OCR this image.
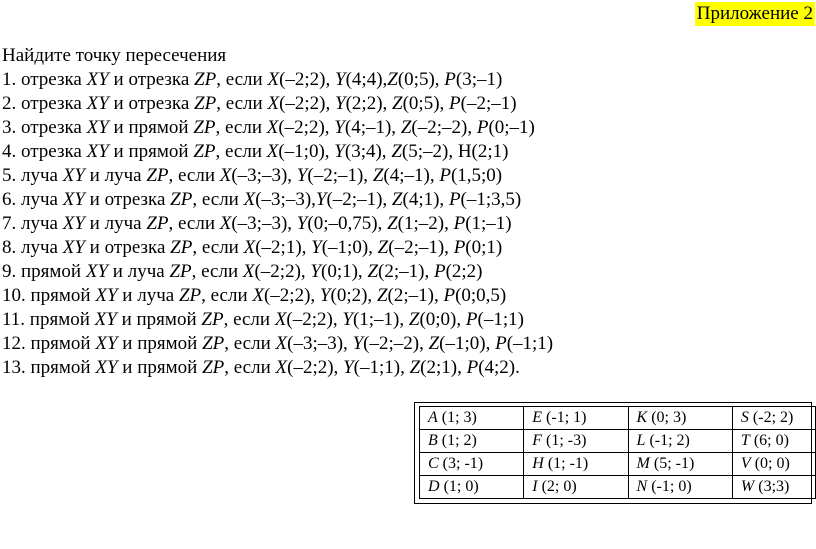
Приложение 2
Найдите точку пересечения
1. отрезка XY и отрезка ZP, если X(–2;2), Y(4;4),Z(0;5), P(3;–1)
2. отрезка XY и отрезка ZP, если X(–2;2), Y(2;2), Z(0;5), P(–2;–1)
3. отрезка XY и прямой ZP, если X(–2;2), Y(4;–1), Z(–2;–2), P(0;–1)
4. отрезка XY и прямой ZP, если X(–1;0), Y(3;4), Z(5;–2), Н(2;1)
5. луча XY и луча ZP, если X(–3;–3), Y(–2;–1), Z(4;–1), P(1,5;0)
6. луча XY и отрезка ZP, если X(–3;–3),Y(–2;–1), Z(4;1), P(–1;3,5)
7. луча XY и луча ZP, если X(–3;–3), Y(0;–0,75), Z(1;–2), P(1;–1)
8. луча XY и отрезка ZP, если X(–2;1), Y(–1;0), Z(–2;–1), P(0;1)
9. прямой XY и луча ZP, если X(–2;2), Y(0;1), Z(2;–1), P(2;2)
10. прямой XY и луча ZP, если X(–2;2), Y(0;2), Z(2;–1), P(0;0,5)
11. прямой XY и прямой ZP, если X(–2;2), Y(1;–1), Z(0;0), P(–1;1)
12. прямой XY и прямой ZP, если X(–3;–3), Y(–2;–2), Z(–1;0), P(–1;1)
13. прямой XY и прямой ZP, если X(–2;2), Y(–1;1), Z(2;1), P(4;2).
A (1; 3)	E (-1; 1)	K (0; 3)	S (-2; 2)
B (1; 2)	F (1; -3)	L (-1; 2)	T (6; 0)
C (3; -1)	H (1; -1)	M (5; -1)	V (0; 0)
D (1; 0)	I (2; 0)	N (-1; 0)	W (3;3)
